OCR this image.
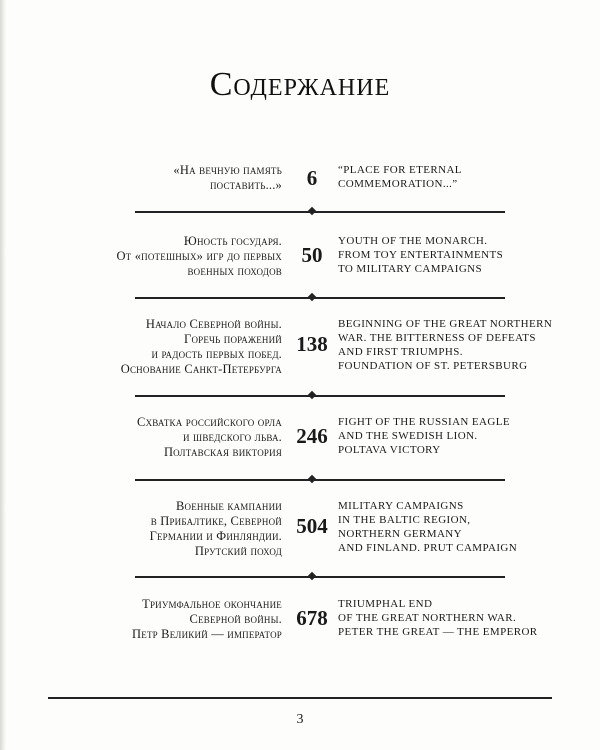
Содержание
«На вечную память
поставить...»	6	“PLACE FOR ETERNAL
COMMEMORATION...”
Юность государя.
От «потешных» игр до первых
военных походов
50
YOUTH OF THE MONARCH.
FROM TOY ENTERTAINMENTS
TO MILITARY CAMPAIGNS
Начало Северной войны.
Горечь поражений
и радость первых побед.
Основание Санкт-Петербурга
138
BEGINNING OF THE GREAT NORTHERN
WAR. THE BITTERNESS OF DEFEATS
AND FIRST TRIUMPHS.
FOUNDATION OF ST. PETERSBURG
Схватка российского орла
и шведского льва.
Полтавская виктория
246
FIGHT OF THE RUSSIAN EAGLE
AND THE SWEDISH LION.
POLTAVA VICTORY
Военные кампании
в Прибалтике, Северной
Германии и Финляндии.
Прутский поход
504
MILITARY CAMPAIGNS
IN THE BALTIC REGION,
NORTHERN GERMANY
AND FINLAND. PRUT CAMPAIGN
Триумфальное окончание
Северной войны.
Петр Великий — император
678
TRIUMPHAL END
OF THE GREAT NORTHERN WAR.
PETER THE GREAT — THE EMPEROR
3
